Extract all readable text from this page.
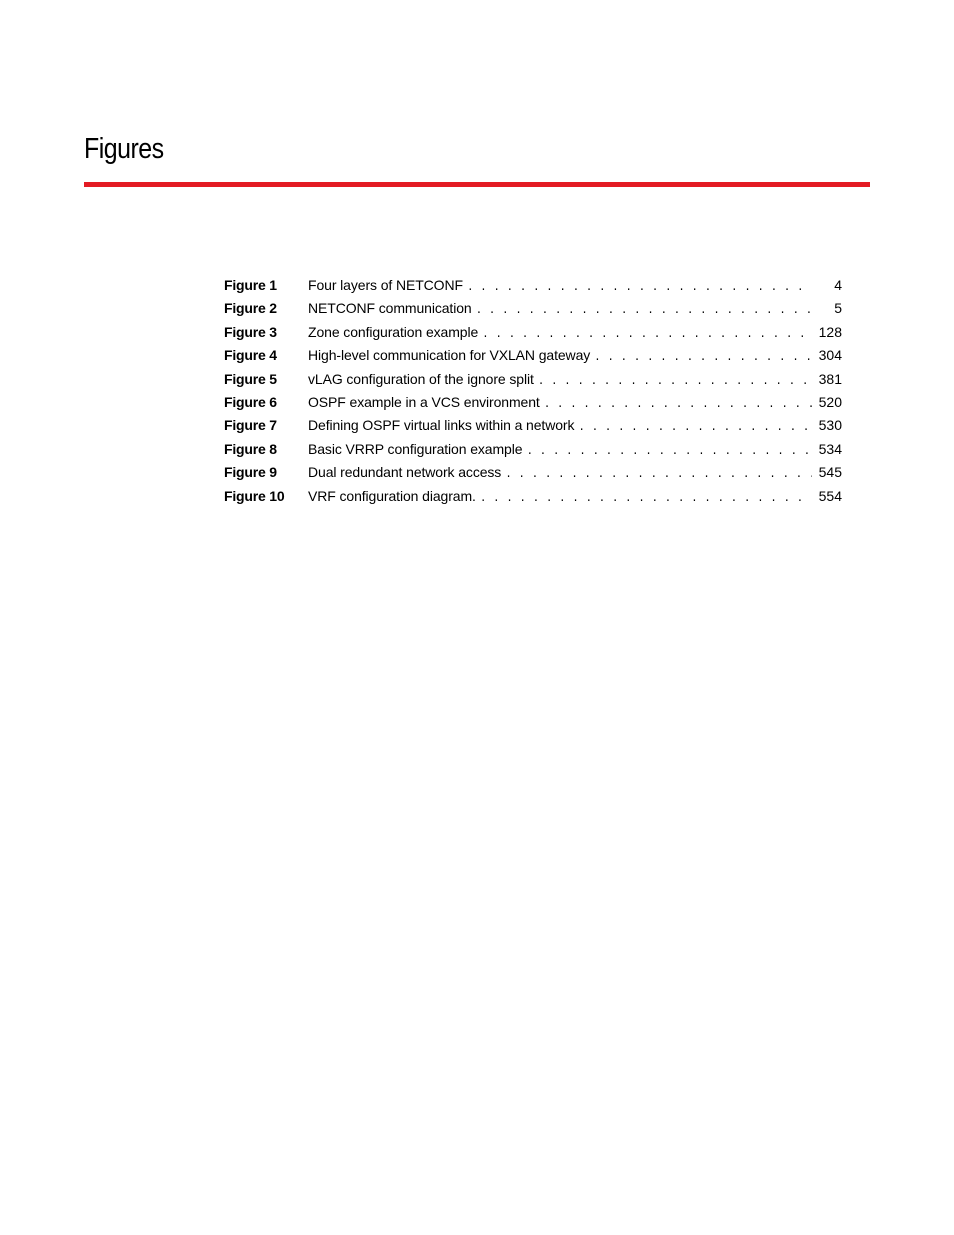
Figures
Figure 1	Four layers of NETCONF . . .	4
Figure 2	NETCONF communication . . .	5
Figure 3	Zone configuration example . . .	128
Figure 4	High-level communication for VXLAN gateway . . .	304
Figure 5	vLAG configuration of the ignore split . . .	381
Figure 6	OSPF example in a VCS environment . . .	520
Figure 7	Defining OSPF virtual links within a network . . .	530
Figure 8	Basic VRRP configuration example . . .	534
Figure 9	Dual redundant network access . . .	545
Figure 10	VRF configuration diagram. . . .	554
